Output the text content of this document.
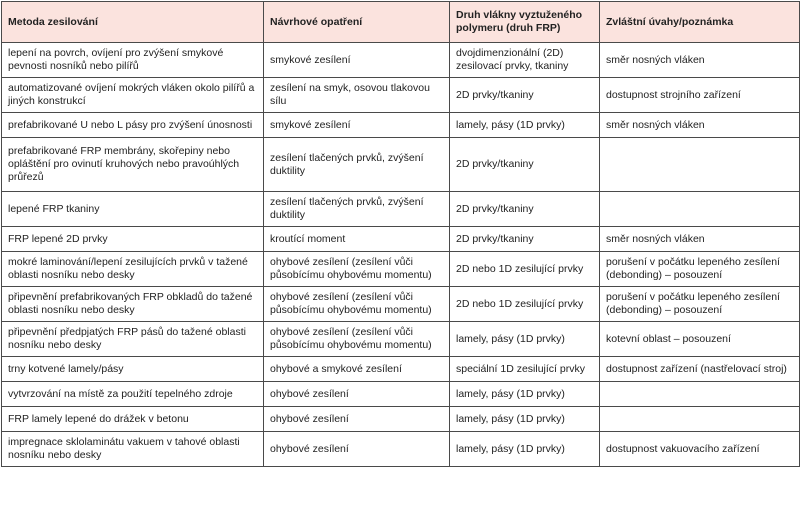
Metoda zesilování	Návrhové opatření	Druh vlákny vyztuženého polymeru (druh FRP)	Zvláštní úvahy/poznámka
lepení na povrch, ovíjení pro zvýšení smykové pevnosti nosníků nebo pilířů	smykové zesílení	dvojdimenzionální (2D) zesilovací prvky, tkaniny	směr nosných vláken
automatizované ovíjení mokrých vláken okolo pilířů a jiných konstrukcí	zesílení na smyk, osovou tlakovou sílu	2D prvky/tkaniny	dostupnost strojního zařízení
prefabrikované U nebo L pásy pro zvýšení únosnosti	smykové zesílení	lamely, pásy (1D prvky)	směr nosných vláken
prefabrikované FRP membrány, skořepiny nebo opláštění pro ovinutí kruhových nebo pravoúhlých průřezů	zesílení tlačených prvků, zvýšení duktility	2D prvky/tkaniny	
lepené FRP tkaniny	zesílení tlačených prvků, zvýšení duktility	2D prvky/tkaniny	
FRP lepené 2D prvky	kroutící moment	2D prvky/tkaniny	směr nosných vláken
mokré laminování/lepení zesilujících prvků v tažené oblasti nosníku nebo desky	ohybové zesílení (zesílení vůči působícímu ohybovému momentu)	2D nebo 1D zesilující prvky	porušení v počátku lepeného zesílení (debonding) – posouzení
připevnění prefabrikovaných FRP obkladů do tažené oblasti nosníku nebo desky	ohybové zesílení (zesílení vůči působícímu ohybovému momentu)	2D nebo 1D zesilující prvky	porušení v počátku lepeného zesílení (debonding) – posouzení
připevnění předpjatých FRP pásů do tažené oblasti nosníku nebo desky	ohybové zesílení (zesílení vůči působícímu ohybovému momentu)	lamely, pásy (1D prvky)	kotevní oblast – posouzení
trny kotvené lamely/pásy	ohybové a smykové zesílení	speciální 1D zesilující prvky	dostupnost zařízení (nastřelovací stroj)
vytvrzování na místě za použití tepelného zdroje	ohybové zesílení	lamely, pásy (1D prvky)	
FRP lamely lepené do drážek v betonu	ohybové zesílení	lamely, pásy (1D prvky)	
impregnace sklolaminátu vakuem v tahové oblasti nosníku nebo desky	ohybové zesílení	lamely, pásy (1D prvky)	dostupnost vakuovacího zařízení
